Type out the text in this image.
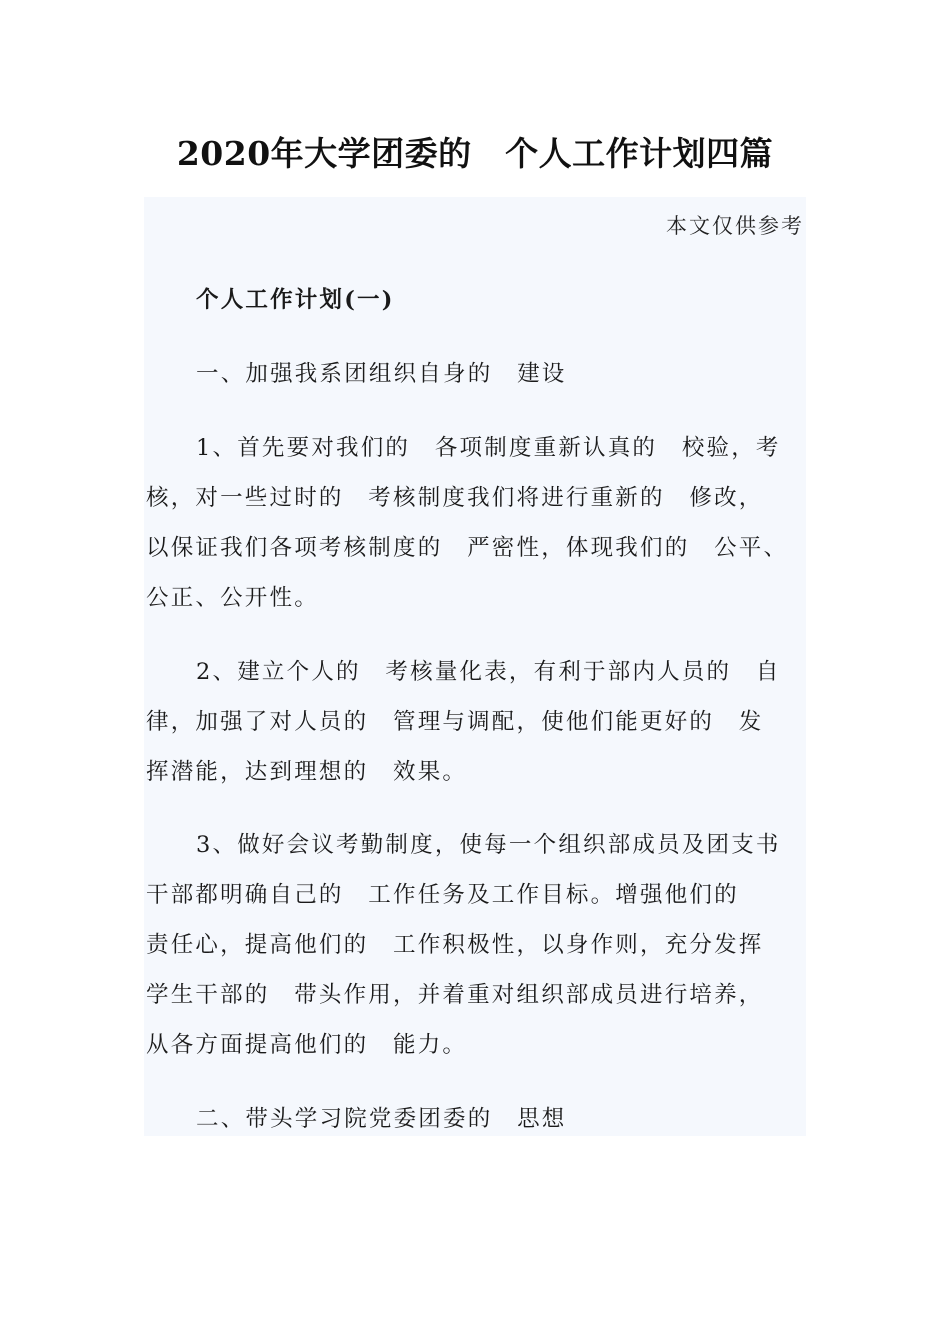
2020年大学团委的　个人工作计划四篇
本文仅供参考

个人工作计划(一)

一、加强我系团组织自身的　建设

1、首先要对我们的　各项制度重新认真的　校验，考

核，对一些过时的　考核制度我们将进行重新的　修改，

以保证我们各项考核制度的　严密性，体现我们的　公平、

公正、公开性。

2、建立个人的　考核量化表，有利于部内人员的　自

律，加强了对人员的　管理与调配，使他们能更好的　发

挥潜能，达到理想的　效果。

3、做好会议考勤制度，使每一个组织部成员及团支书

干部都明确自己的　工作任务及工作目标。增强他们的

责任心，提高他们的　工作积极性，以身作则，充分发挥

学生干部的　带头作用，并着重对组织部成员进行培养，

从各方面提高他们的　能力。

二、带头学习院党委团委的　思想
